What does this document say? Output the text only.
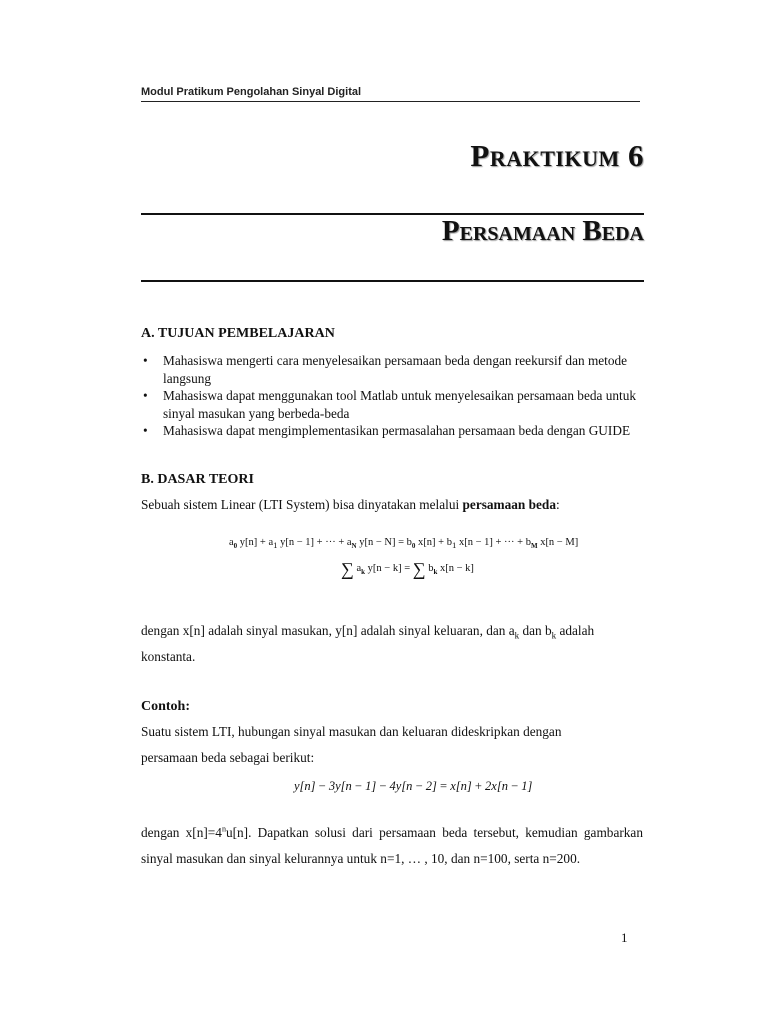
Modul Pratikum Pengolahan Sinyal Digital
Praktikum 6
Persamaan Beda
A. TUJUAN PEMBELAJARAN
• Mahasiswa mengerti cara menyelesaikan persamaan beda dengan reekursif dan metode langsung
• Mahasiswa dapat menggunakan tool Matlab untuk menyelesaikan persamaan beda untuk sinyal masukan yang berbeda-beda
• Mahasiswa dapat mengimplementasikan permasalahan persamaan beda dengan GUIDE
B. DASAR TEORI
Sebuah sistem Linear (LTI System) bisa dinyatakan melalui persamaan beda:
$a_0$ $y[n] + a_1$ y[n − 1] + ··· + $a_N$ $y[n - N] = b_0$ $x[n] + b_1$ x[n − 1] + ··· + $b_M$ x[n − M]
∑ $a_k$ y[n − k] = ∑ $b_k$ x[n − k]
dengan x[n] adalah sinyal masukan, y[n] adalah sinyal keluaran, dan $a_k$ dan $b_k$ adalah
konstanta.
Contoh:
Suatu sistem LTI, hubungan sinyal masukan dan keluaran dideskripkan dengan
persamaan beda sebagai berikut:
y[n] − 3y[n − 1] − 4y[n − 2] = x[n] + 2x[n − 1]
dengan $x[n]=4^nu[n]$. Dapatkan solusi dari persamaan beda tersebut, kemudian gambarkan sinyal masukan dan sinyal kelurannya untuk n=1, … , 10, dan n=100, serta n=200.
1
